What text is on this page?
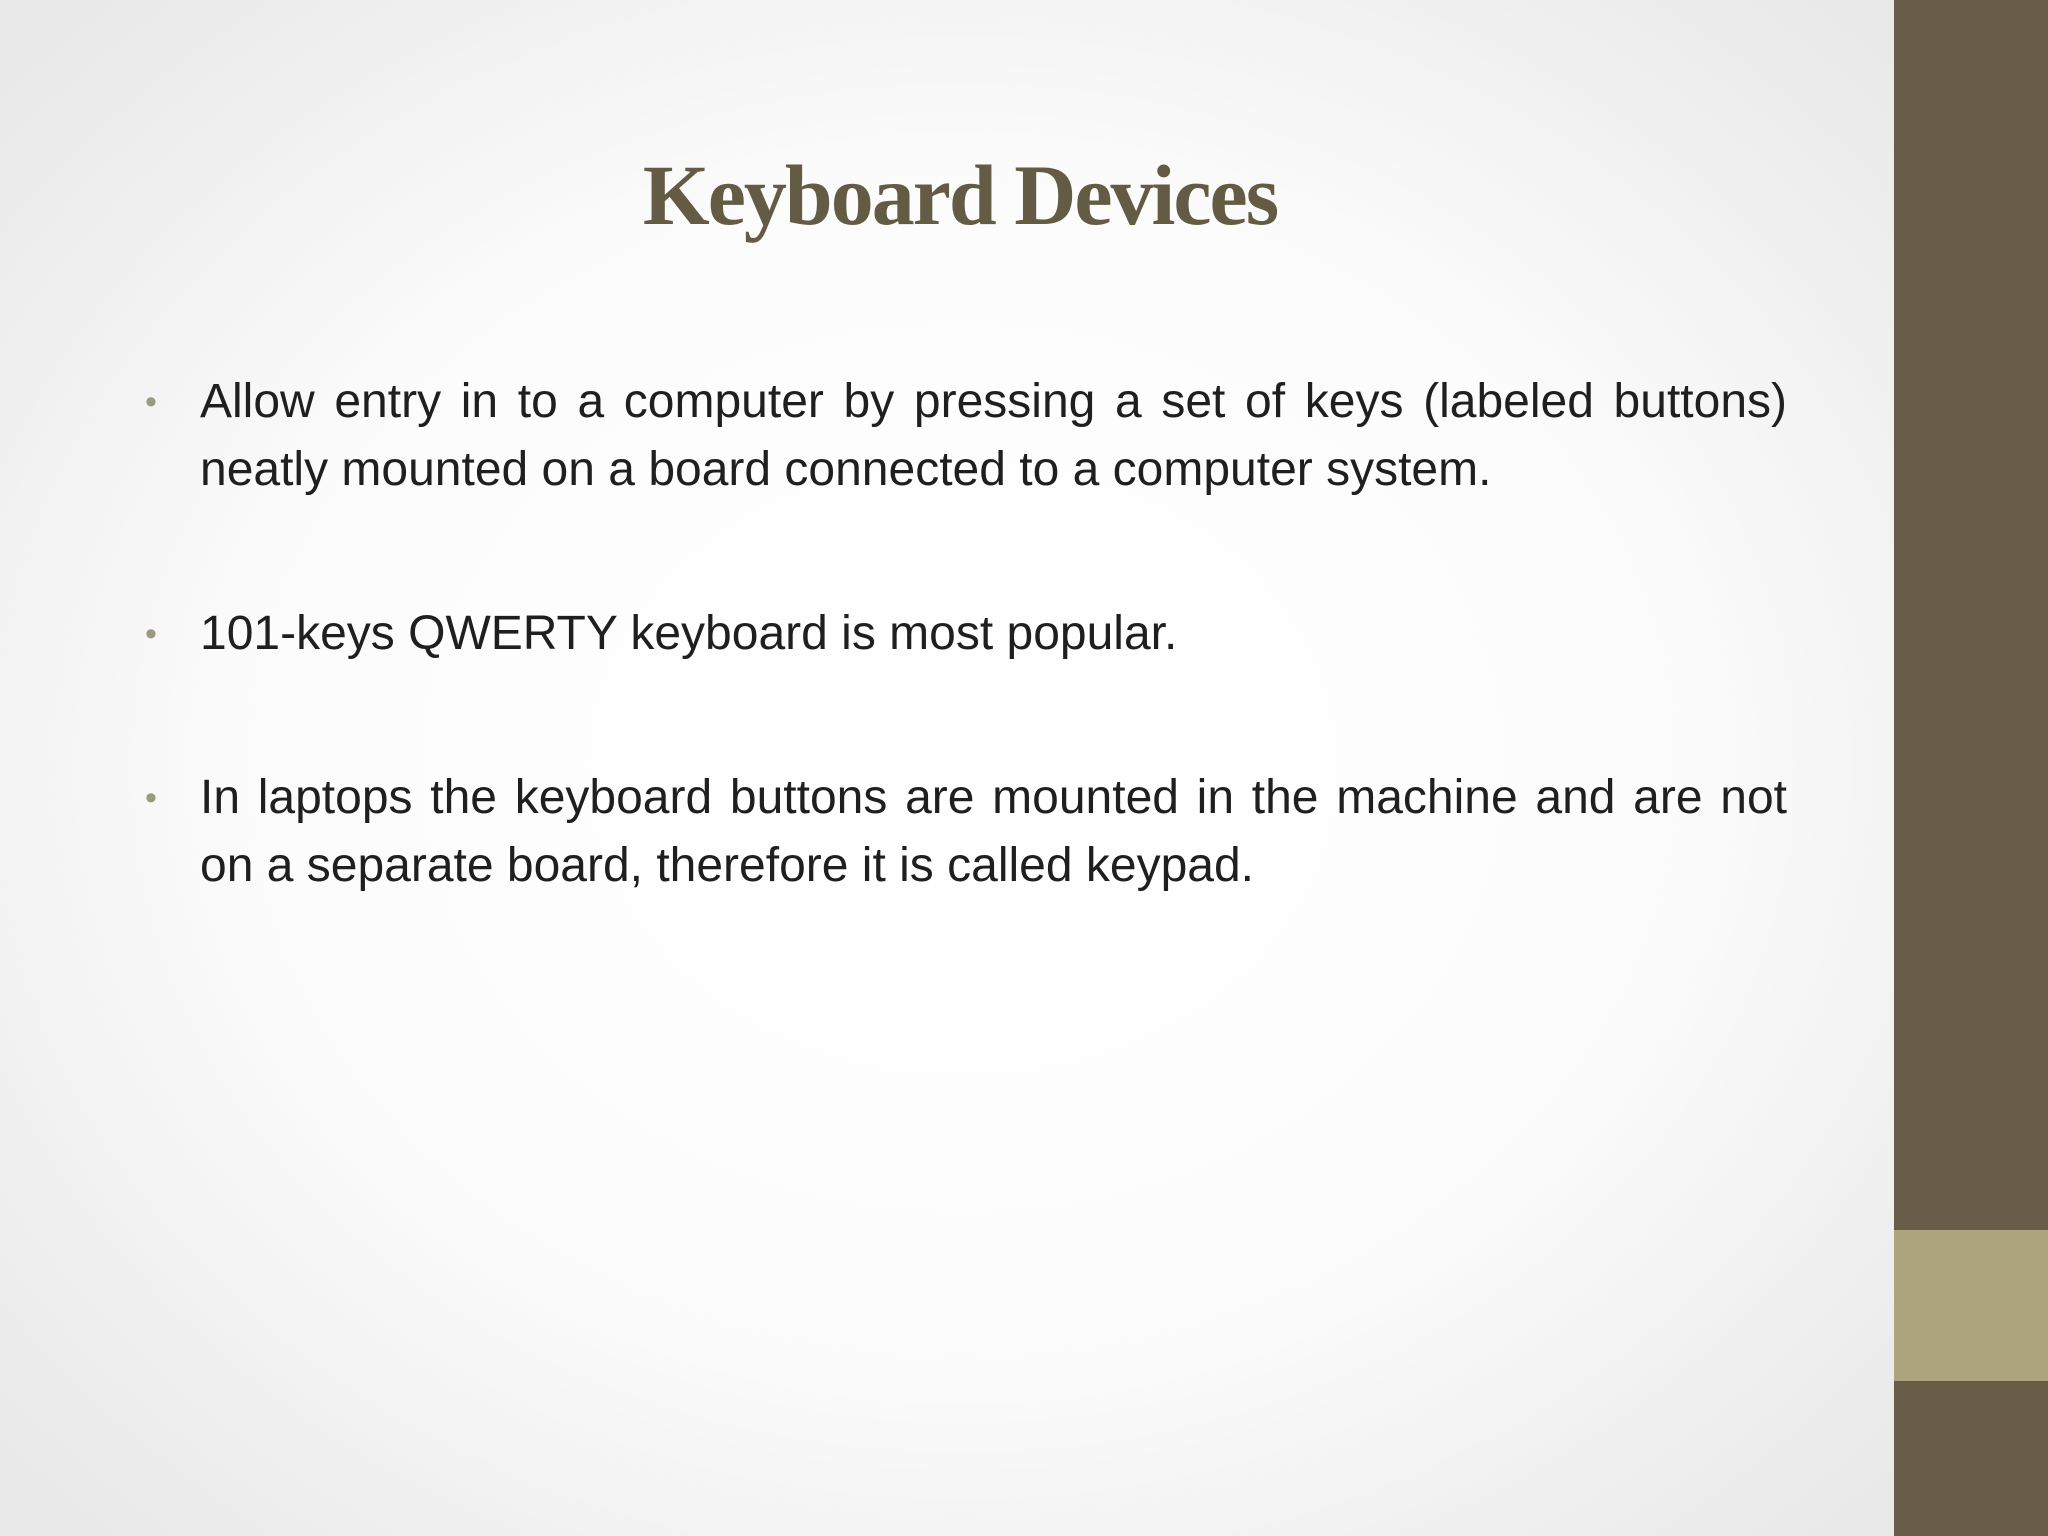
Keyboard Devices
• Allow entry in to a computer by pressing a set of keys (labeled buttons) neatly mounted on a board connected to a computer system.
• 101-keys QWERTY keyboard is most popular.
• In laptops the keyboard buttons are mounted in the machine and are not on a separate board, therefore it is called keypad.
